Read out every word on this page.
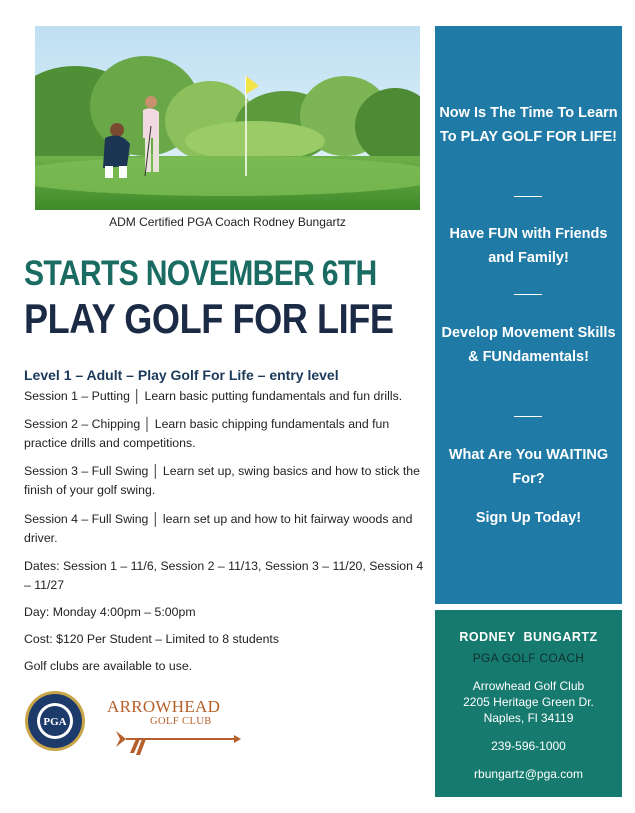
ADM Certified PGA Coach Rodney Bungartz
STARTS NOVEMBER 6TH
PLAY GOLF FOR LIFE
Level 1 – Adult – Play Golf For Life – entry level
Session 1 – Putting │ Learn basic putting fundamentals and fun drills.
Session 2 – Chipping │ Learn basic chipping fundamentals and fun practice drills and competitions.
Session 3 – Full Swing │ Learn set up, swing basics and how to stick the finish of your golf swing.
Session 4 – Full Swing │ learn set up and how to hit fairway woods and driver.
Dates: Session 1 – 11/6, Session 2 – 11/13, Session 3 – 11/20, Session 4 – 11/27
Day: Monday 4:00pm – 5:00pm
Cost: $120 Per Student – Limited to 8 students
Golf clubs are available to use.
PGA
ARROWHEAD
GOLF CLUB
Now Is The Time To Learn To PLAY GOLF FOR LIFE!
Have FUN with Friends and Family!
Develop Movement Skills & FUNdamentals!
What Are You WAITING For?
Sign Up Today!
RODNEY  BUNGARTZ
PGA GOLF COACH
Arrowhead Golf Club
2205 Heritage Green Dr.
Naples, Fl 34119
239-596-1000
rbungartz@pga.com
